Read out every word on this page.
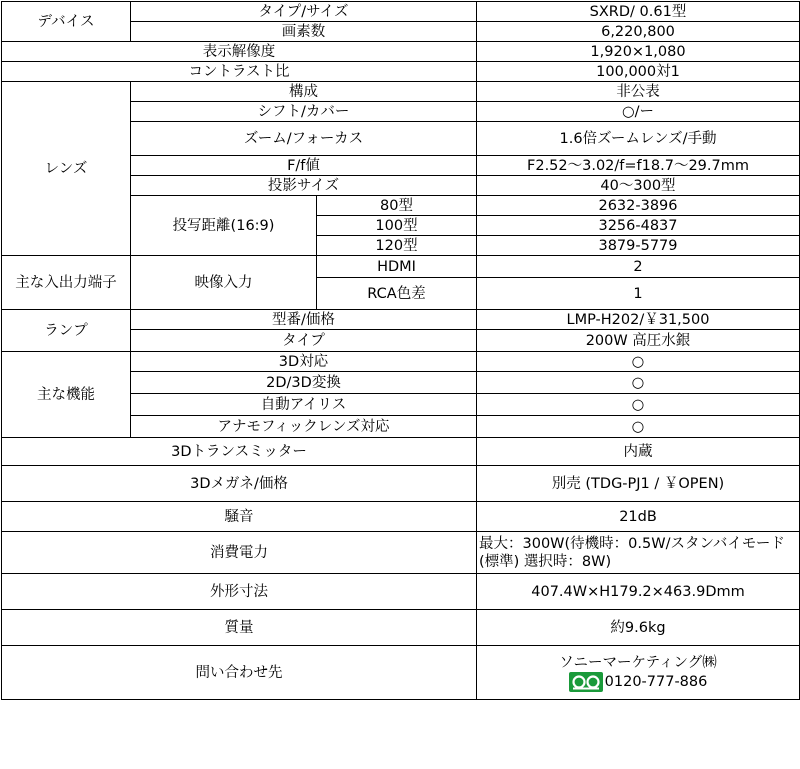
デバイス	タイプ/サイズ		SXRD/ 0.61型
	画素数		6,220,800
表示解像度			1,920×1,080
コントラスト比			100,000対1
レンズ	構成		非公表
	シフト/カバー		○/ー
	ズーム/フォーカス		1.6倍ズームレンズ/手動
	F/f値		F2.52～3.02/f=f18.7～29.7mm
	投影サイズ		40～300型
	投写距離(16:9)	80型	2632-3896
		100型	3256-4837
		120型	3879-5779
主な入出力端子	映像入力	HDMI	2
		RCA色差	1
ランプ	型番/価格		LMP-H202/￥31,500
	タイプ		200W 高圧水銀
主な機能	3D対応		○
	2D/3D変換		○
	自動アイリス		○
	アナモフィックレンズ対応		○
3Dトランスミッター			内蔵
3Dメガネ/価格			別売 (TDG-PJ1 / ￥OPEN)
騒音			21dB
消費電力			最大：300W(待機時：0.5W/スタンバイモード (標準) 選択時：8W)
外形寸法			407.4W×H179.2×463.9Dmm
質量			約9.6kg
問い合わせ先			ソニーマーケティング㈱
0120-777-886
